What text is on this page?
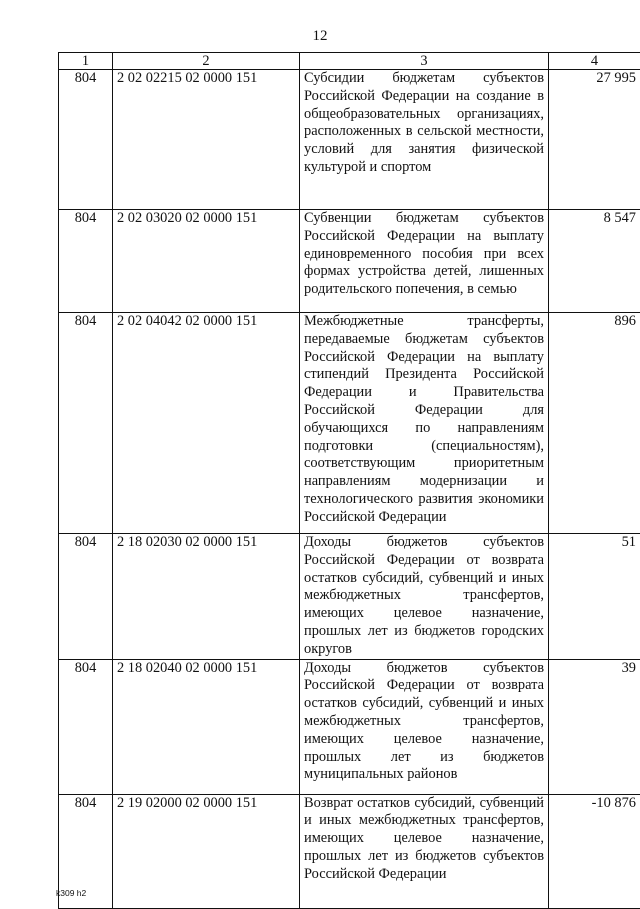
12
1	2	3	4
804	2 02 02215 02 0000 151	Субсидии бюджетам субъектов Российской Федерации на создание в общеобразовательных организациях, расположенных в сельской местности, условий для занятия физической культурой и спортом	27 995
804	2 02 03020 02 0000 151	Субвенции бюджетам субъектов Российской Федерации на выплату единовременного пособия при всех формах устройства детей, лишенных родительского попечения, в семью	8 547
804	2 02 04042 02 0000 151	Межбюджетные трансферты, передаваемые бюджетам субъектов Российской Федерации на выплату стипендий Президента Российской Федерации и Правительства Российской Федерации для обучающихся по направлениям подготовки (специальностям), соответствующим приоритетным направлениям модернизации и технологического развития экономики Российской Федерации	896
804	2 18 02030 02 0000 151	Доходы бюджетов субъектов Российской Федерации от возврата остатков субсидий, субвенций и иных межбюджетных трансфертов, имеющих целевое назначение, прошлых лет из бюджетов городских округов	51
804	2 18 02040 02 0000 151	Доходы бюджетов субъектов Российской Федерации от возврата остатков субсидий, субвенций и иных межбюджетных трансфертов, имеющих целевое назначение, прошлых лет из бюджетов муниципальных районов	39
804	2 19 02000 02 0000 151	Возврат остатков субсидий, субвенций и иных межбюджетных трансфертов, имеющих целевое назначение, прошлых лет из бюджетов субъектов Российской Федерации	-10 876
k309 h2
